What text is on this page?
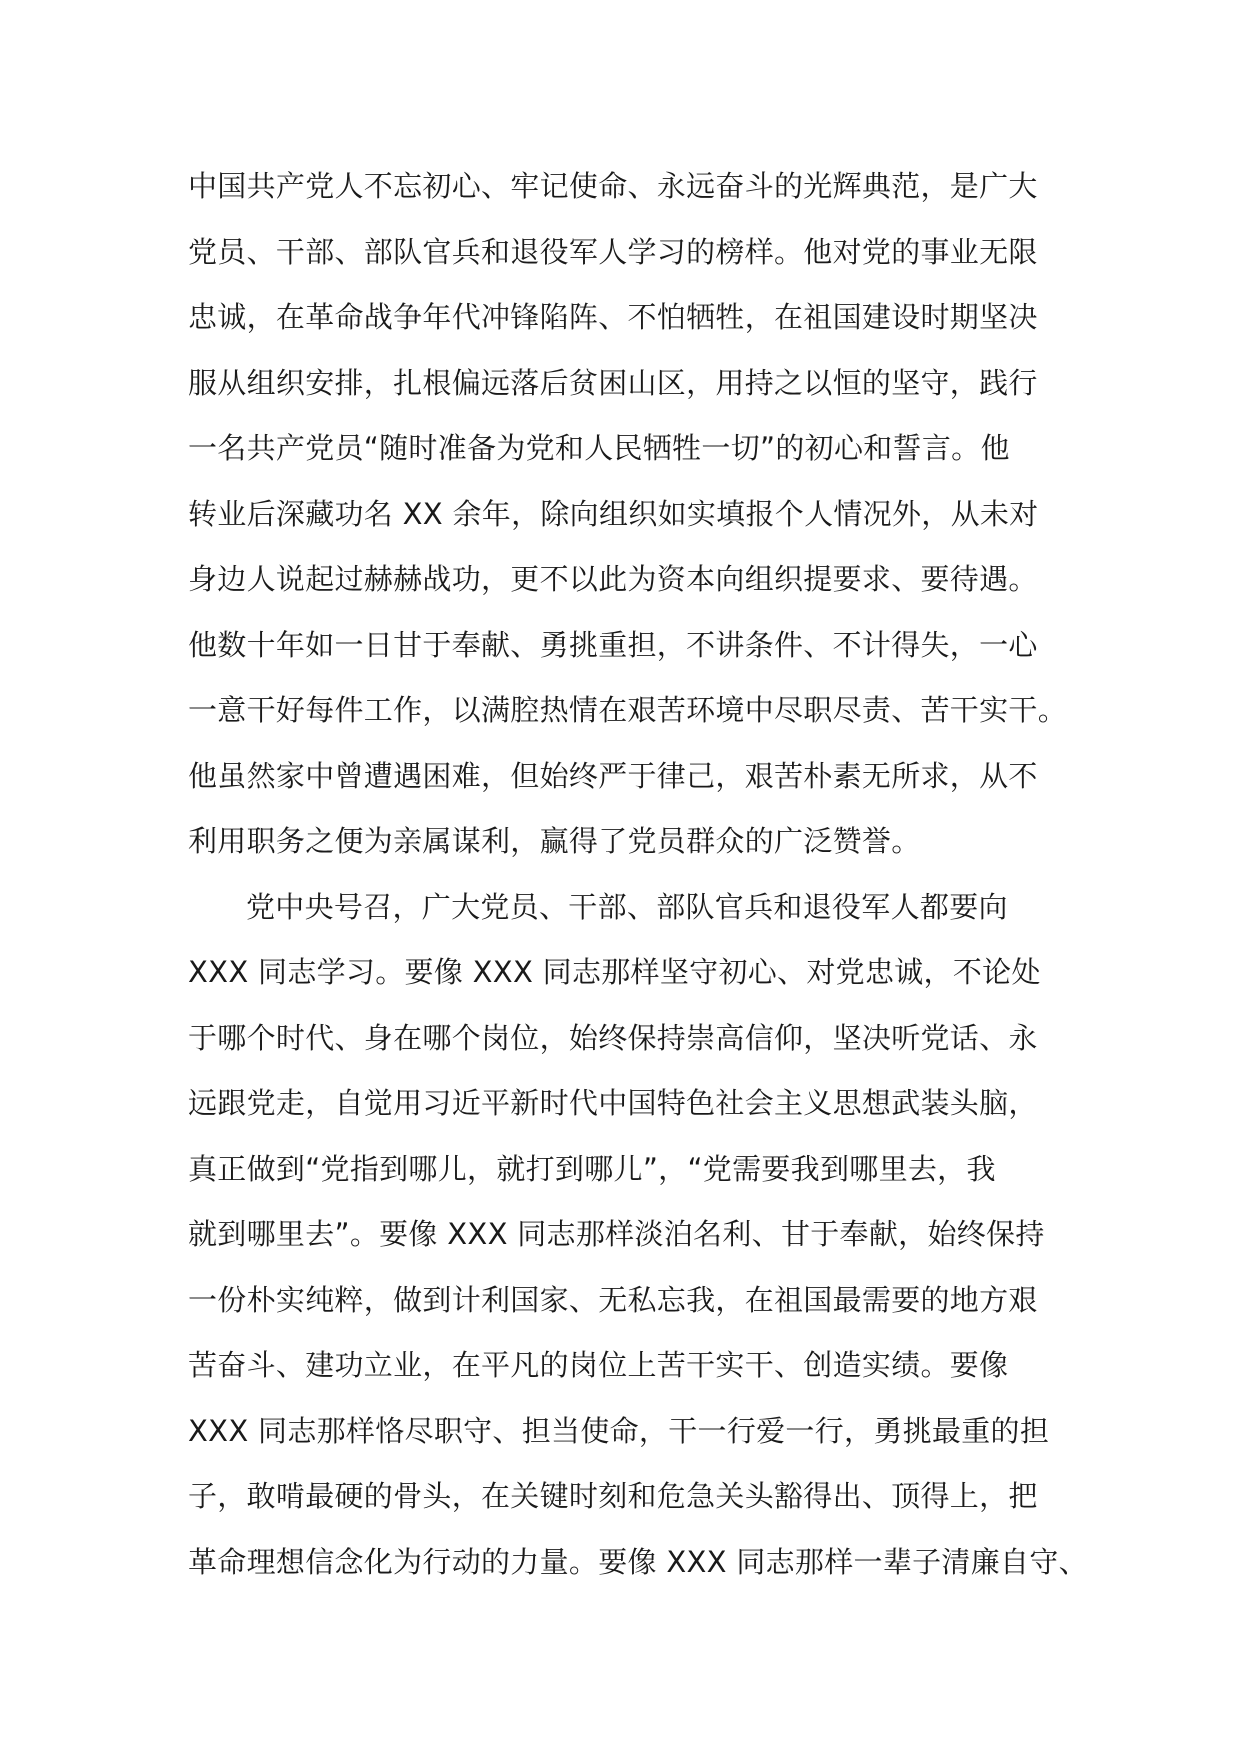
中国共产党人不忘初心、牢记使命、永远奋斗的光辉典范，是广大
党员、干部、部队官兵和退役军人学习的榜样。他对党的事业无限
忠诚，在革命战争年代冲锋陷阵、不怕牺牲，在祖国建设时期坚决
服从组织安排，扎根偏远落后贫困山区，用持之以恒的坚守，践行
一名共产党员“随时准备为党和人民牺牲一切”的初心和誓言。他
转业后深藏功名 XX 余年，除向组织如实填报个人情况外，从未对
身边人说起过赫赫战功，更不以此为资本向组织提要求、要待遇。
他数十年如一日甘于奉献、勇挑重担，不讲条件、不计得失，一心
一意干好每件工作，以满腔热情在艰苦环境中尽职尽责、苦干实干。
他虽然家中曾遭遇困难，但始终严于律己，艰苦朴素无所求，从不
利用职务之便为亲属谋利，赢得了党员群众的广泛赞誉。
党中央号召，广大党员、干部、部队官兵和退役军人都要向
XXX 同志学习。要像 XXX 同志那样坚守初心、对党忠诚，不论处
于哪个时代、身在哪个岗位，始终保持崇高信仰，坚决听党话、永
远跟党走，自觉用习近平新时代中国特色社会主义思想武装头脑，
真正做到“党指到哪儿，就打到哪儿”，“党需要我到哪里去，我
就到哪里去”。要像 XXX 同志那样淡泊名利、甘于奉献，始终保持
一份朴实纯粹，做到计利国家、无私忘我，在祖国最需要的地方艰
苦奋斗、建功立业，在平凡的岗位上苦干实干、创造实绩。要像
XXX 同志那样恪尽职守、担当使命，干一行爱一行，勇挑最重的担
子，敢啃最硬的骨头，在关键时刻和危急关头豁得出、顶得上，把
革命理想信念化为行动的力量。要像 XXX 同志那样一辈子清廉自守、
